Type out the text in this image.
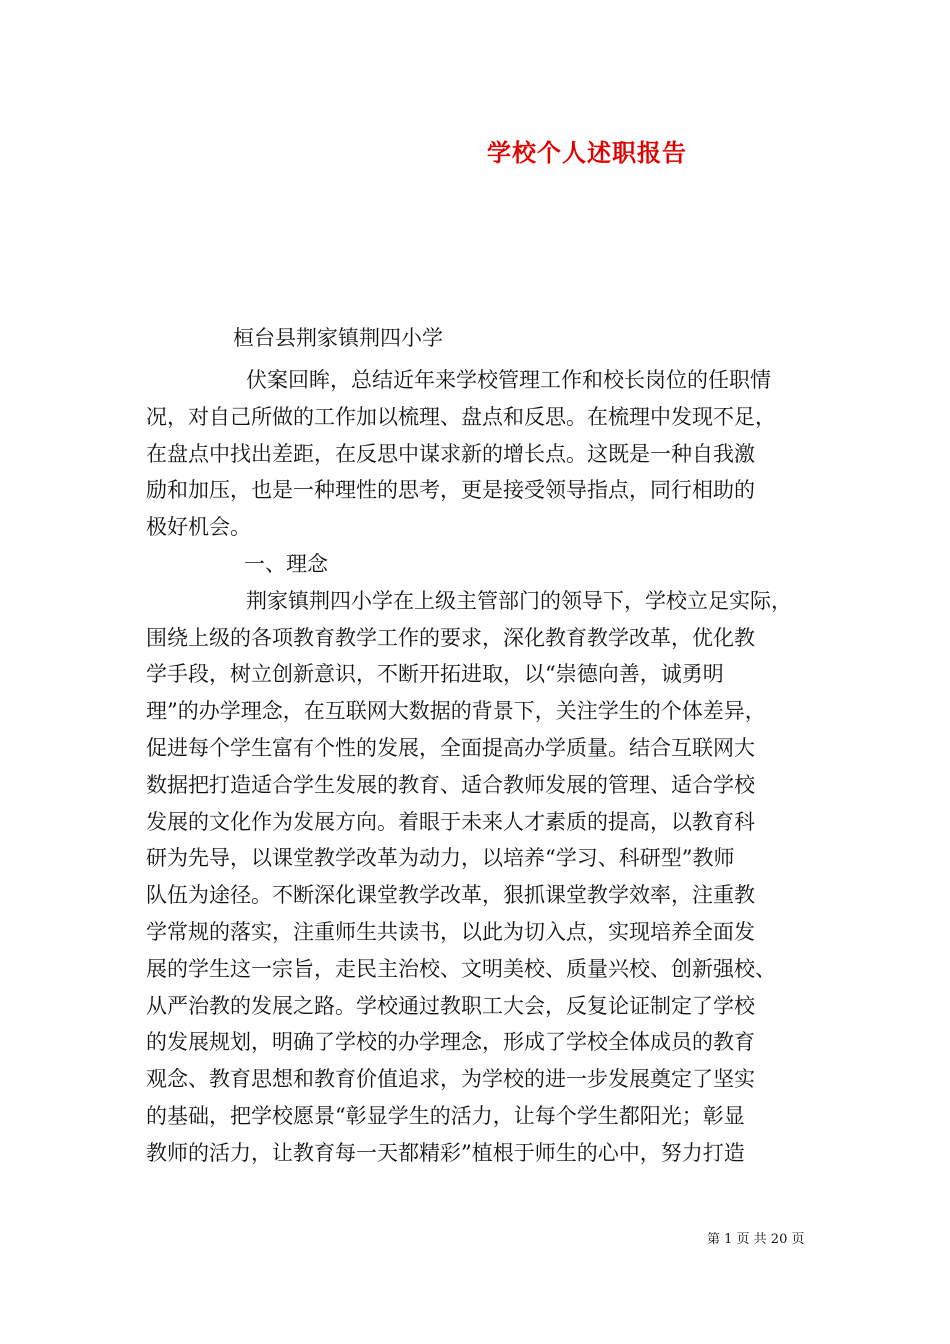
学校个人述职报告
桓台县荆家镇荆四小学
伏案回眸，总结近年来学校管理工作和校长岗位的任职情
况，对自己所做的工作加以梳理、盘点和反思。在梳理中发现不足，
在盘点中找出差距，在反思中谋求新的增长点。这既是一种自我激
励和加压，也是一种理性的思考，更是接受领导指点，同行相助的
极好机会。
一、理念
荆家镇荆四小学在上级主管部门的领导下，学校立足实际，
围绕上级的各项教育教学工作的要求，深化教育教学改革，优化教
学手段，树立创新意识，不断开拓进取，以“崇德向善，诚勇明
理”的办学理念，在互联网大数据的背景下，关注学生的个体差异，
促进每个学生富有个性的发展，全面提高办学质量。结合互联网大
数据把打造适合学生发展的教育、适合教师发展的管理、适合学校
发展的文化作为发展方向。着眼于未来人才素质的提高，以教育科
研为先导，以课堂教学改革为动力，以培养“学习、科研型”教师
队伍为途径。不断深化课堂教学改革，狠抓课堂教学效率，注重教
学常规的落实，注重师生共读书，以此为切入点，实现培养全面发
展的学生这一宗旨，走民主治校、文明美校、质量兴校、创新强校、
从严治教的发展之路。学校通过教职工大会，反复论证制定了学校
的发展规划，明确了学校的办学理念，形成了学校全体成员的教育
观念、教育思想和教育价值追求，为学校的进一步发展奠定了坚实
的基础，把学校愿景“彰显学生的活力，让每个学生都阳光；彰显
教师的活力，让教育每一天都精彩”植根于师生的心中，努力打造
第 1 页 共 20 页
